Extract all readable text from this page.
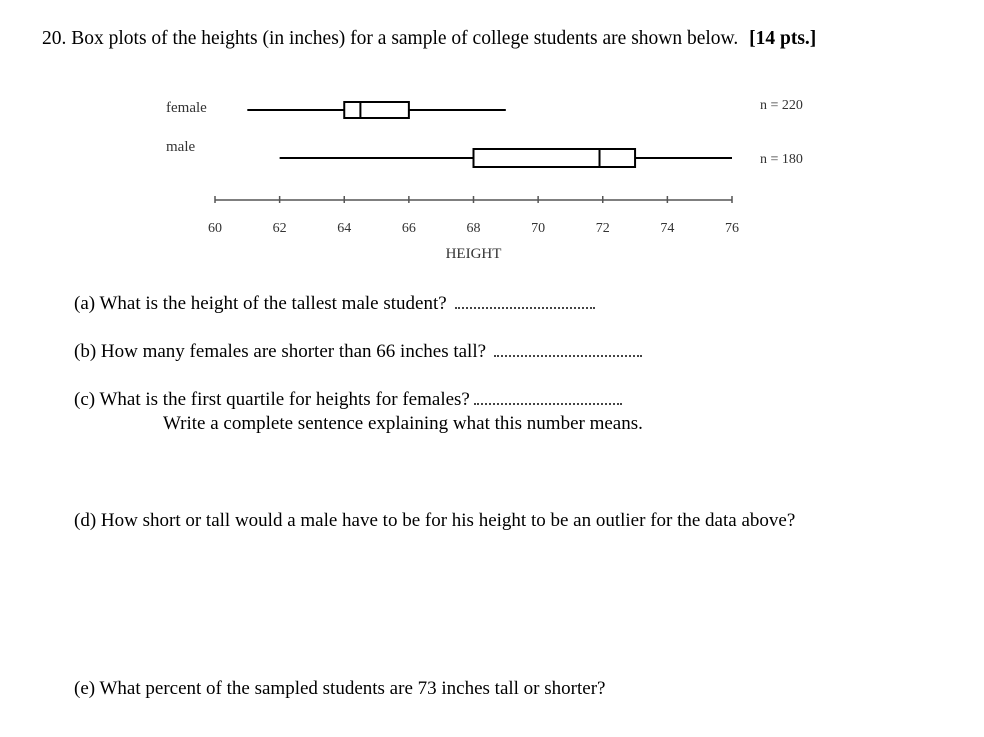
20. Box plots of the heights (in inches) for a sample of college students are shown below. [14 pts.]
female	n = 220
male
n = 180
60	62	64	66	68	70	72	74	76
HEIGHT
(a) What is the height of the tallest male student?
(b) How many females are shorter than 66 inches tall?
(c) What is the first quartile for heights for females?
Write a complete sentence explaining what this number means.
(d) How short or tall would a male have to be for his height to be an outlier for the data above?
(e) What percent of the sampled students are 73 inches tall or shorter?
